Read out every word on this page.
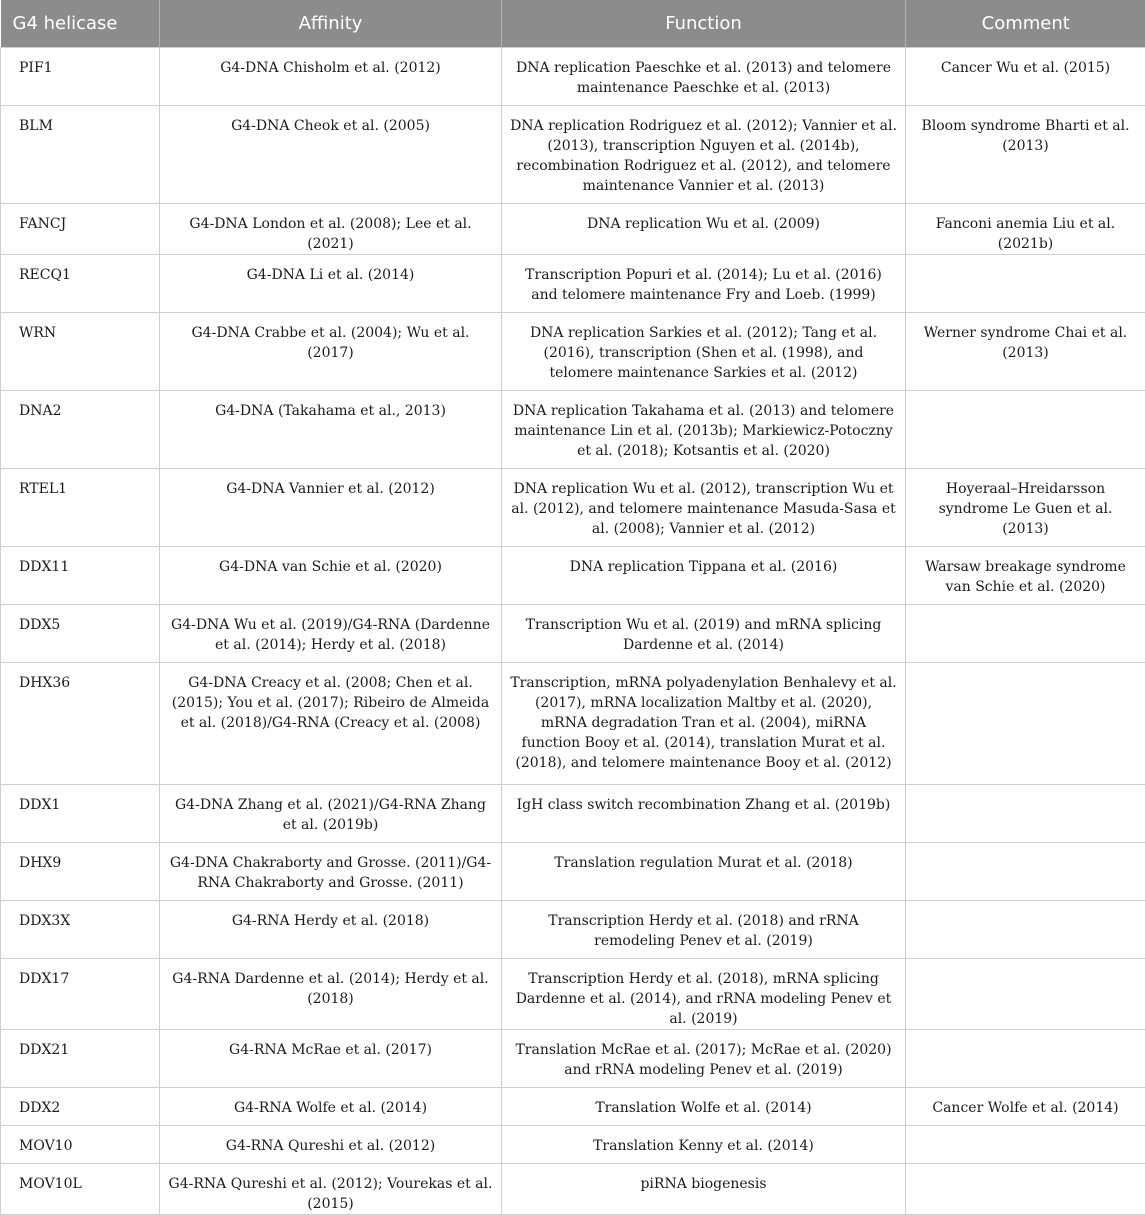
G4 helicase	Affinity	Function	Comment
PIF1	G4-DNA Chisholm et al. (2012)	DNA replication Paeschke et al. (2013) and telomere maintenance Paeschke et al. (2013)	Cancer Wu et al. (2015)
BLM	G4-DNA Cheok et al. (2005)	DNA replication Rodriguez et al. (2012); Vannier et al. (2013), transcription Nguyen et al. (2014b), recombination Rodriguez et al. (2012), and telomere maintenance Vannier et al. (2013)	Bloom syndrome Bharti et al. (2013)
FANCJ	G4-DNA London et al. (2008); Lee et al. (2021)	DNA replication Wu et al. (2009)	Fanconi anemia Liu et al. (2021b)
RECQ1	G4-DNA Li et al. (2014)	Transcription Popuri et al. (2014); Lu et al. (2016) and telomere maintenance Fry and Loeb. (1999)	
WRN	G4-DNA Crabbe et al. (2004); Wu et al. (2017)	DNA replication Sarkies et al. (2012); Tang et al. (2016), transcription (Shen et al. (1998), and telomere maintenance Sarkies et al. (2012)	Werner syndrome Chai et al. (2013)
DNA2	G4-DNA (Takahama et al., 2013)	DNA replication Takahama et al. (2013) and telomere maintenance Lin et al. (2013b); Markiewicz-Potoczny et al. (2018); Kotsantis et al. (2020)	
RTEL1	G4-DNA Vannier et al. (2012)	DNA replication Wu et al. (2012), transcription Wu et al. (2012), and telomere maintenance Masuda-Sasa et al. (2008); Vannier et al. (2012)	Hoyeraal–Hreidarsson syndrome Le Guen et al. (2013)
DDX11	G4-DNA van Schie et al. (2020)	DNA replication Tippana et al. (2016)	Warsaw breakage syndrome van Schie et al. (2020)
DDX5	G4-DNA Wu et al. (2019)/G4-RNA (Dardenne et al. (2014); Herdy et al. (2018)	Transcription Wu et al. (2019) and mRNA splicing Dardenne et al. (2014)	
DHX36	G4-DNA Creacy et al. (2008; Chen et al. (2015); You et al. (2017); Ribeiro de Almeida et al. (2018)/G4-RNA (Creacy et al. (2008)	Transcription, mRNA polyadenylation Benhalevy et al. (2017), mRNA localization Maltby et al. (2020), mRNA degradation Tran et al. (2004), miRNA function Booy et al. (2014), translation Murat et al. (2018), and telomere maintenance Booy et al. (2012)	
DDX1	G4-DNA Zhang et al. (2021)/G4-RNA Zhang et al. (2019b)	IgH class switch recombination Zhang et al. (2019b)	
DHX9	G4-DNA Chakraborty and Grosse. (2011)/G4-RNA Chakraborty and Grosse. (2011)	Translation regulation Murat et al. (2018)	
DDX3X	G4-RNA Herdy et al. (2018)	Transcription Herdy et al. (2018) and rRNA remodeling Penev et al. (2019)	
DDX17	G4-RNA Dardenne et al. (2014); Herdy et al. (2018)	Transcription Herdy et al. (2018), mRNA splicing Dardenne et al. (2014), and rRNA modeling Penev et al. (2019)	
DDX21	G4-RNA McRae et al. (2017)	Translation McRae et al. (2017); McRae et al. (2020) and rRNA modeling Penev et al. (2019)	
DDX2	G4-RNA Wolfe et al. (2014)	Translation Wolfe et al. (2014)	Cancer Wolfe et al. (2014)
MOV10	G4-RNA Qureshi et al. (2012)	Translation Kenny et al. (2014)	
MOV10L	G4-RNA Qureshi et al. (2012); Vourekas et al. (2015)	piRNA biogenesis	
